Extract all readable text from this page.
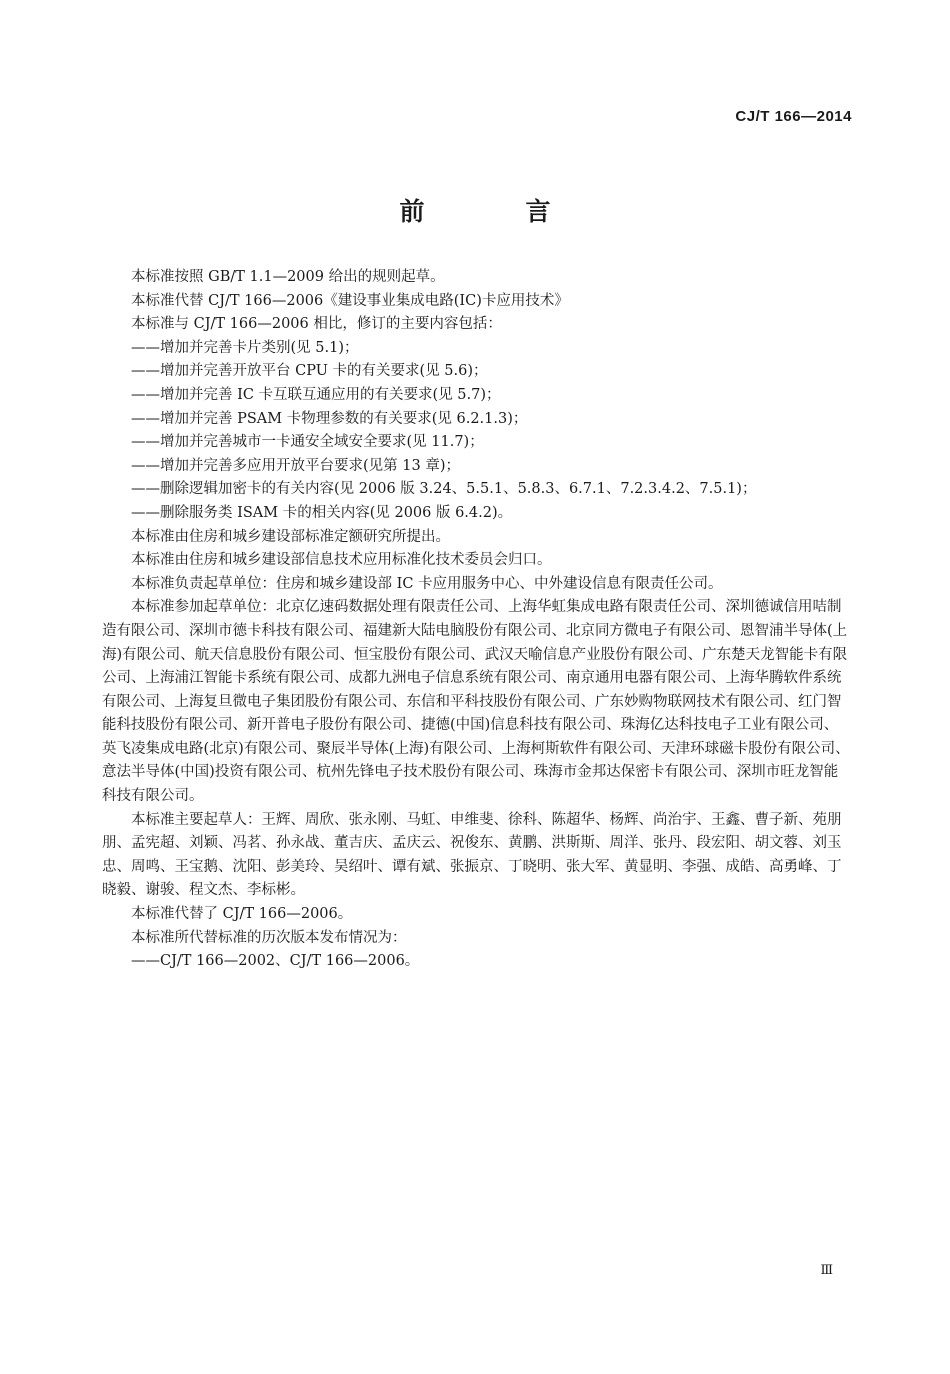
CJ/T 166—2014
前　言

本标准按照 GB/T 1.1—2009 给出的规则起草。

本标准代替 CJ/T 166—2006《建设事业集成电路(IC)卡应用技术》

本标准与 CJ/T 166—2006 相比，修订的主要内容包括：

——增加并完善卡片类别(见 5.1)；

——增加并完善开放平台 CPU 卡的有关要求(见 5.6)；

——增加并完善 IC 卡互联互通应用的有关要求(见 5.7)；

——增加并完善 PSAM 卡物理参数的有关要求(见 6.2.1.3)；

——增加并完善城市一卡通安全域安全要求(见 11.7)；

——增加并完善多应用开放平台要求(见第 13 章)；

——删除逻辑加密卡的有关内容(见 2006 版 3.24、5.5.1、5.8.3、6.7.1、7.2.3.4.2、7.5.1)；

——删除服务类 ISAM 卡的相关内容(见 2006 版 6.4.2)。

本标准由住房和城乡建设部标准定额研究所提出。

本标准由住房和城乡建设部信息技术应用标准化技术委员会归口。

本标准负责起草单位：住房和城乡建设部 IC 卡应用服务中心、中外建设信息有限责任公司。

本标准参加起草单位：北京亿速码数据处理有限责任公司、上海华虹集成电路有限责任公司、深圳德诚信用咭制造有限公司、深圳市德卡科技有限公司、福建新大陆电脑股份有限公司、北京同方微电子有限公司、恩智浦半导体(上海)有限公司、航天信息股份有限公司、恒宝股份有限公司、武汉天喻信息产业股份有限公司、广东楚天龙智能卡有限公司、上海浦江智能卡系统有限公司、成都九洲电子信息系统有限公司、南京通用电器有限公司、上海华腾软件系统有限公司、上海复旦微电子集团股份有限公司、东信和平科技股份有限公司、广东妙购物联网技术有限公司、红门智能科技股份有限公司、新开普电子股份有限公司、捷德(中国)信息科技有限公司、珠海亿达科技电子工业有限公司、英飞凌集成电路(北京)有限公司、聚辰半导体(上海)有限公司、上海柯斯软件有限公司、天津环球磁卡股份有限公司、意法半导体(中国)投资有限公司、杭州先锋电子技术股份有限公司、珠海市金邦达保密卡有限公司、深圳市旺龙智能科技有限公司。

本标准主要起草人：王辉、周欣、张永刚、马虹、申维斐、徐科、陈超华、杨辉、尚治宇、王鑫、曹子新、苑朋朋、孟宪超、刘颖、冯茗、孙永战、董吉庆、孟庆云、祝俊东、黄鹏、洪斯斯、周洋、张丹、段宏阳、胡文蓉、刘玉忠、周鸣、王宝鹅、沈阳、彭美玲、吴绍叶、谭有斌、张振京、丁晓明、张大军、黄显明、李强、成皓、高勇峰、丁晓毅、谢骏、程文杰、李标彬。

本标准代替了 CJ/T 166—2006。

本标准所代替标准的历次版本发布情况为：

——CJ/T 166—2002、CJ/T 166—2006。

Ⅲ
